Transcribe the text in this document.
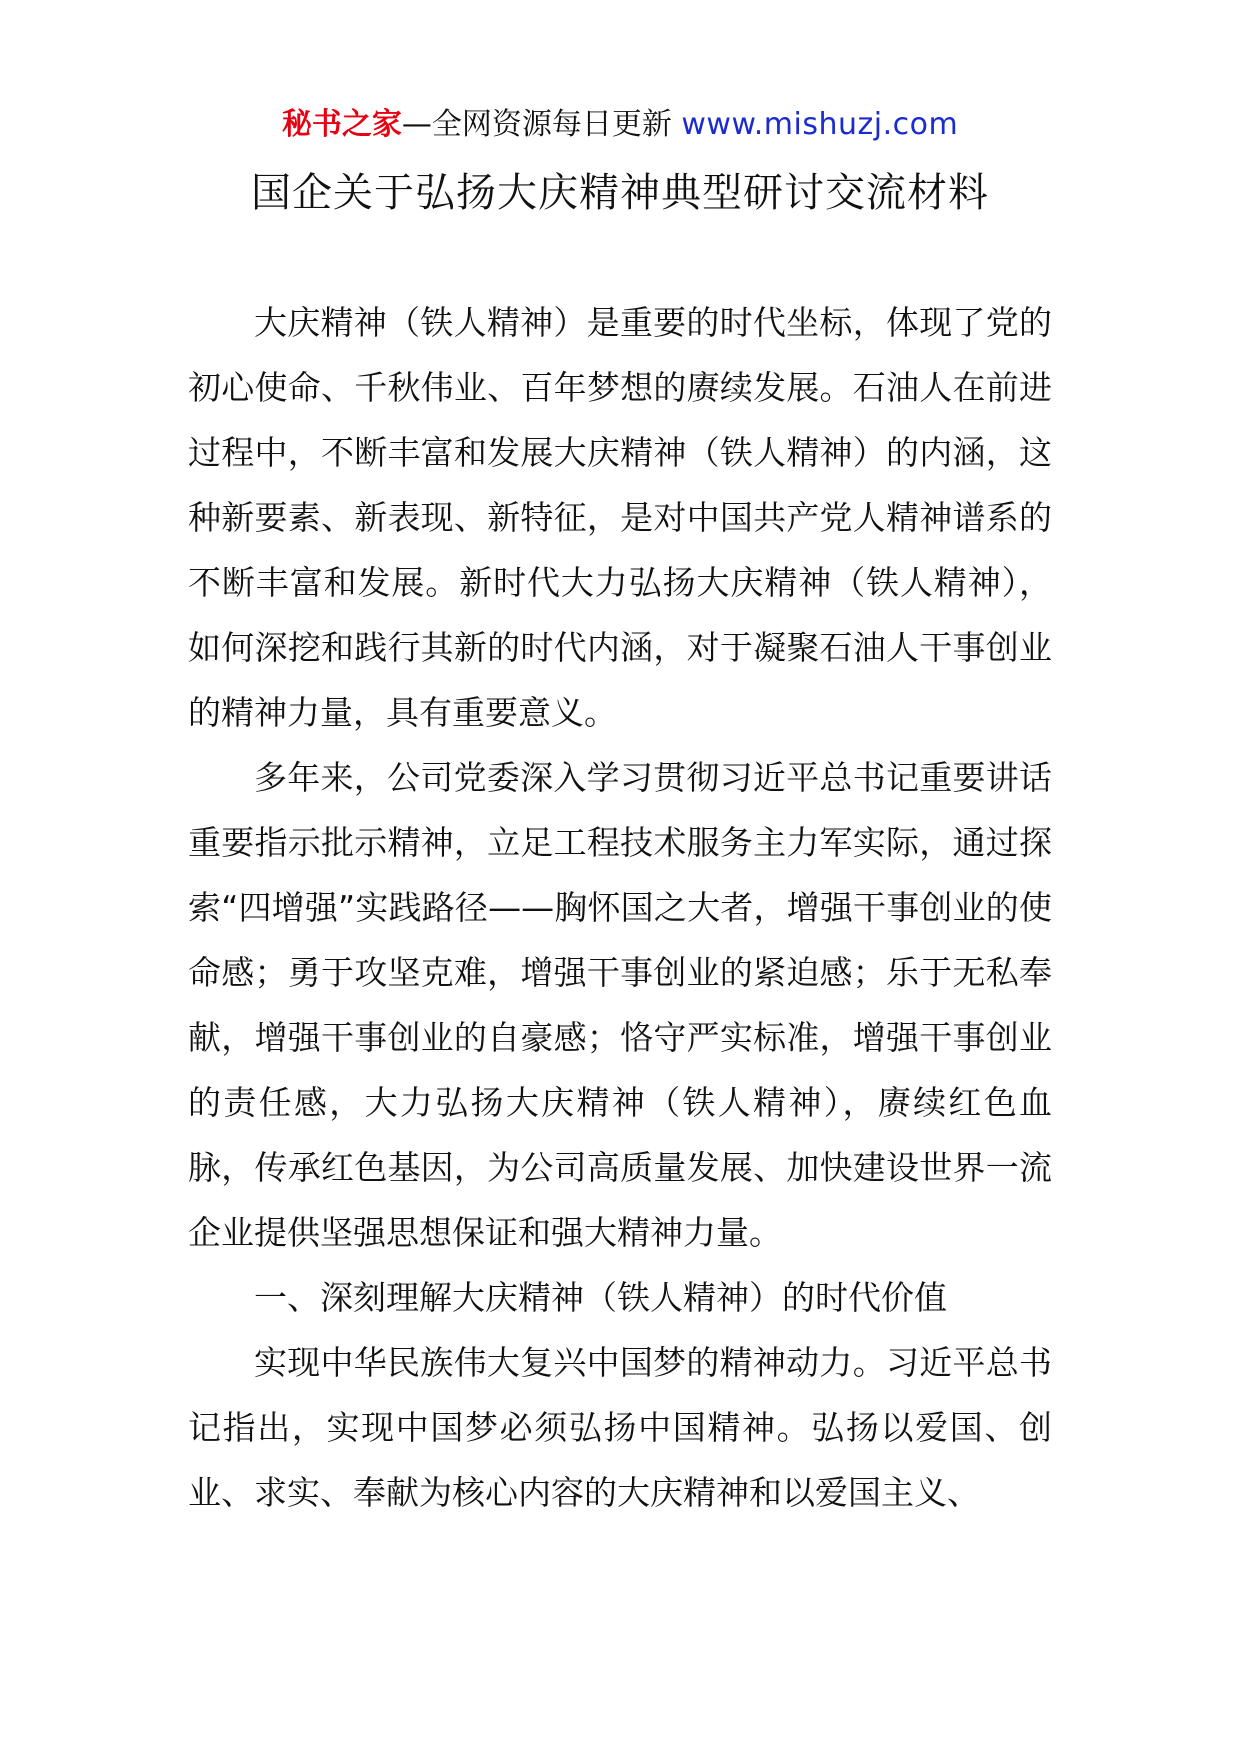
秘书之家—全网资源每日更新 www.mishuzj.com
国企关于弘扬大庆精神典型研讨交流材料

大庆精神（铁人精神）是重要的时代坐标，体现了党的初心使命、千秋伟业、百年梦想的赓续发展。石油人在前进过程中，不断丰富和发展大庆精神（铁人精神）的内涵，这种新要素、新表现、新特征，是对中国共产党人精神谱系的不断丰富和发展。新时代大力弘扬大庆精神（铁人精神），如何深挖和践行其新的时代内涵，对于凝聚石油人干事创业的精神力量，具有重要意义。

多年来，公司党委深入学习贯彻习近平总书记重要讲话重要指示批示精神，立足工程技术服务主力军实际，通过探索“四增强”实践路径——胸怀国之大者，增强干事创业的使命感；勇于攻坚克难，增强干事创业的紧迫感；乐于无私奉献，增强干事创业的自豪感；恪守严实标准，增强干事创业的责任感，大力弘扬大庆精神（铁人精神），赓续红色血脉，传承红色基因，为公司高质量发展、加快建设世界一流企业提供坚强思想保证和强大精神力量。

一、深刻理解大庆精神（铁人精神）的时代价值

实现中华民族伟大复兴中国梦的精神动力。习近平总书记指出，实现中国梦必须弘扬中国精神。弘扬以爱国、创业、求实、奉献为核心内容的大庆精神和以爱国主义、
